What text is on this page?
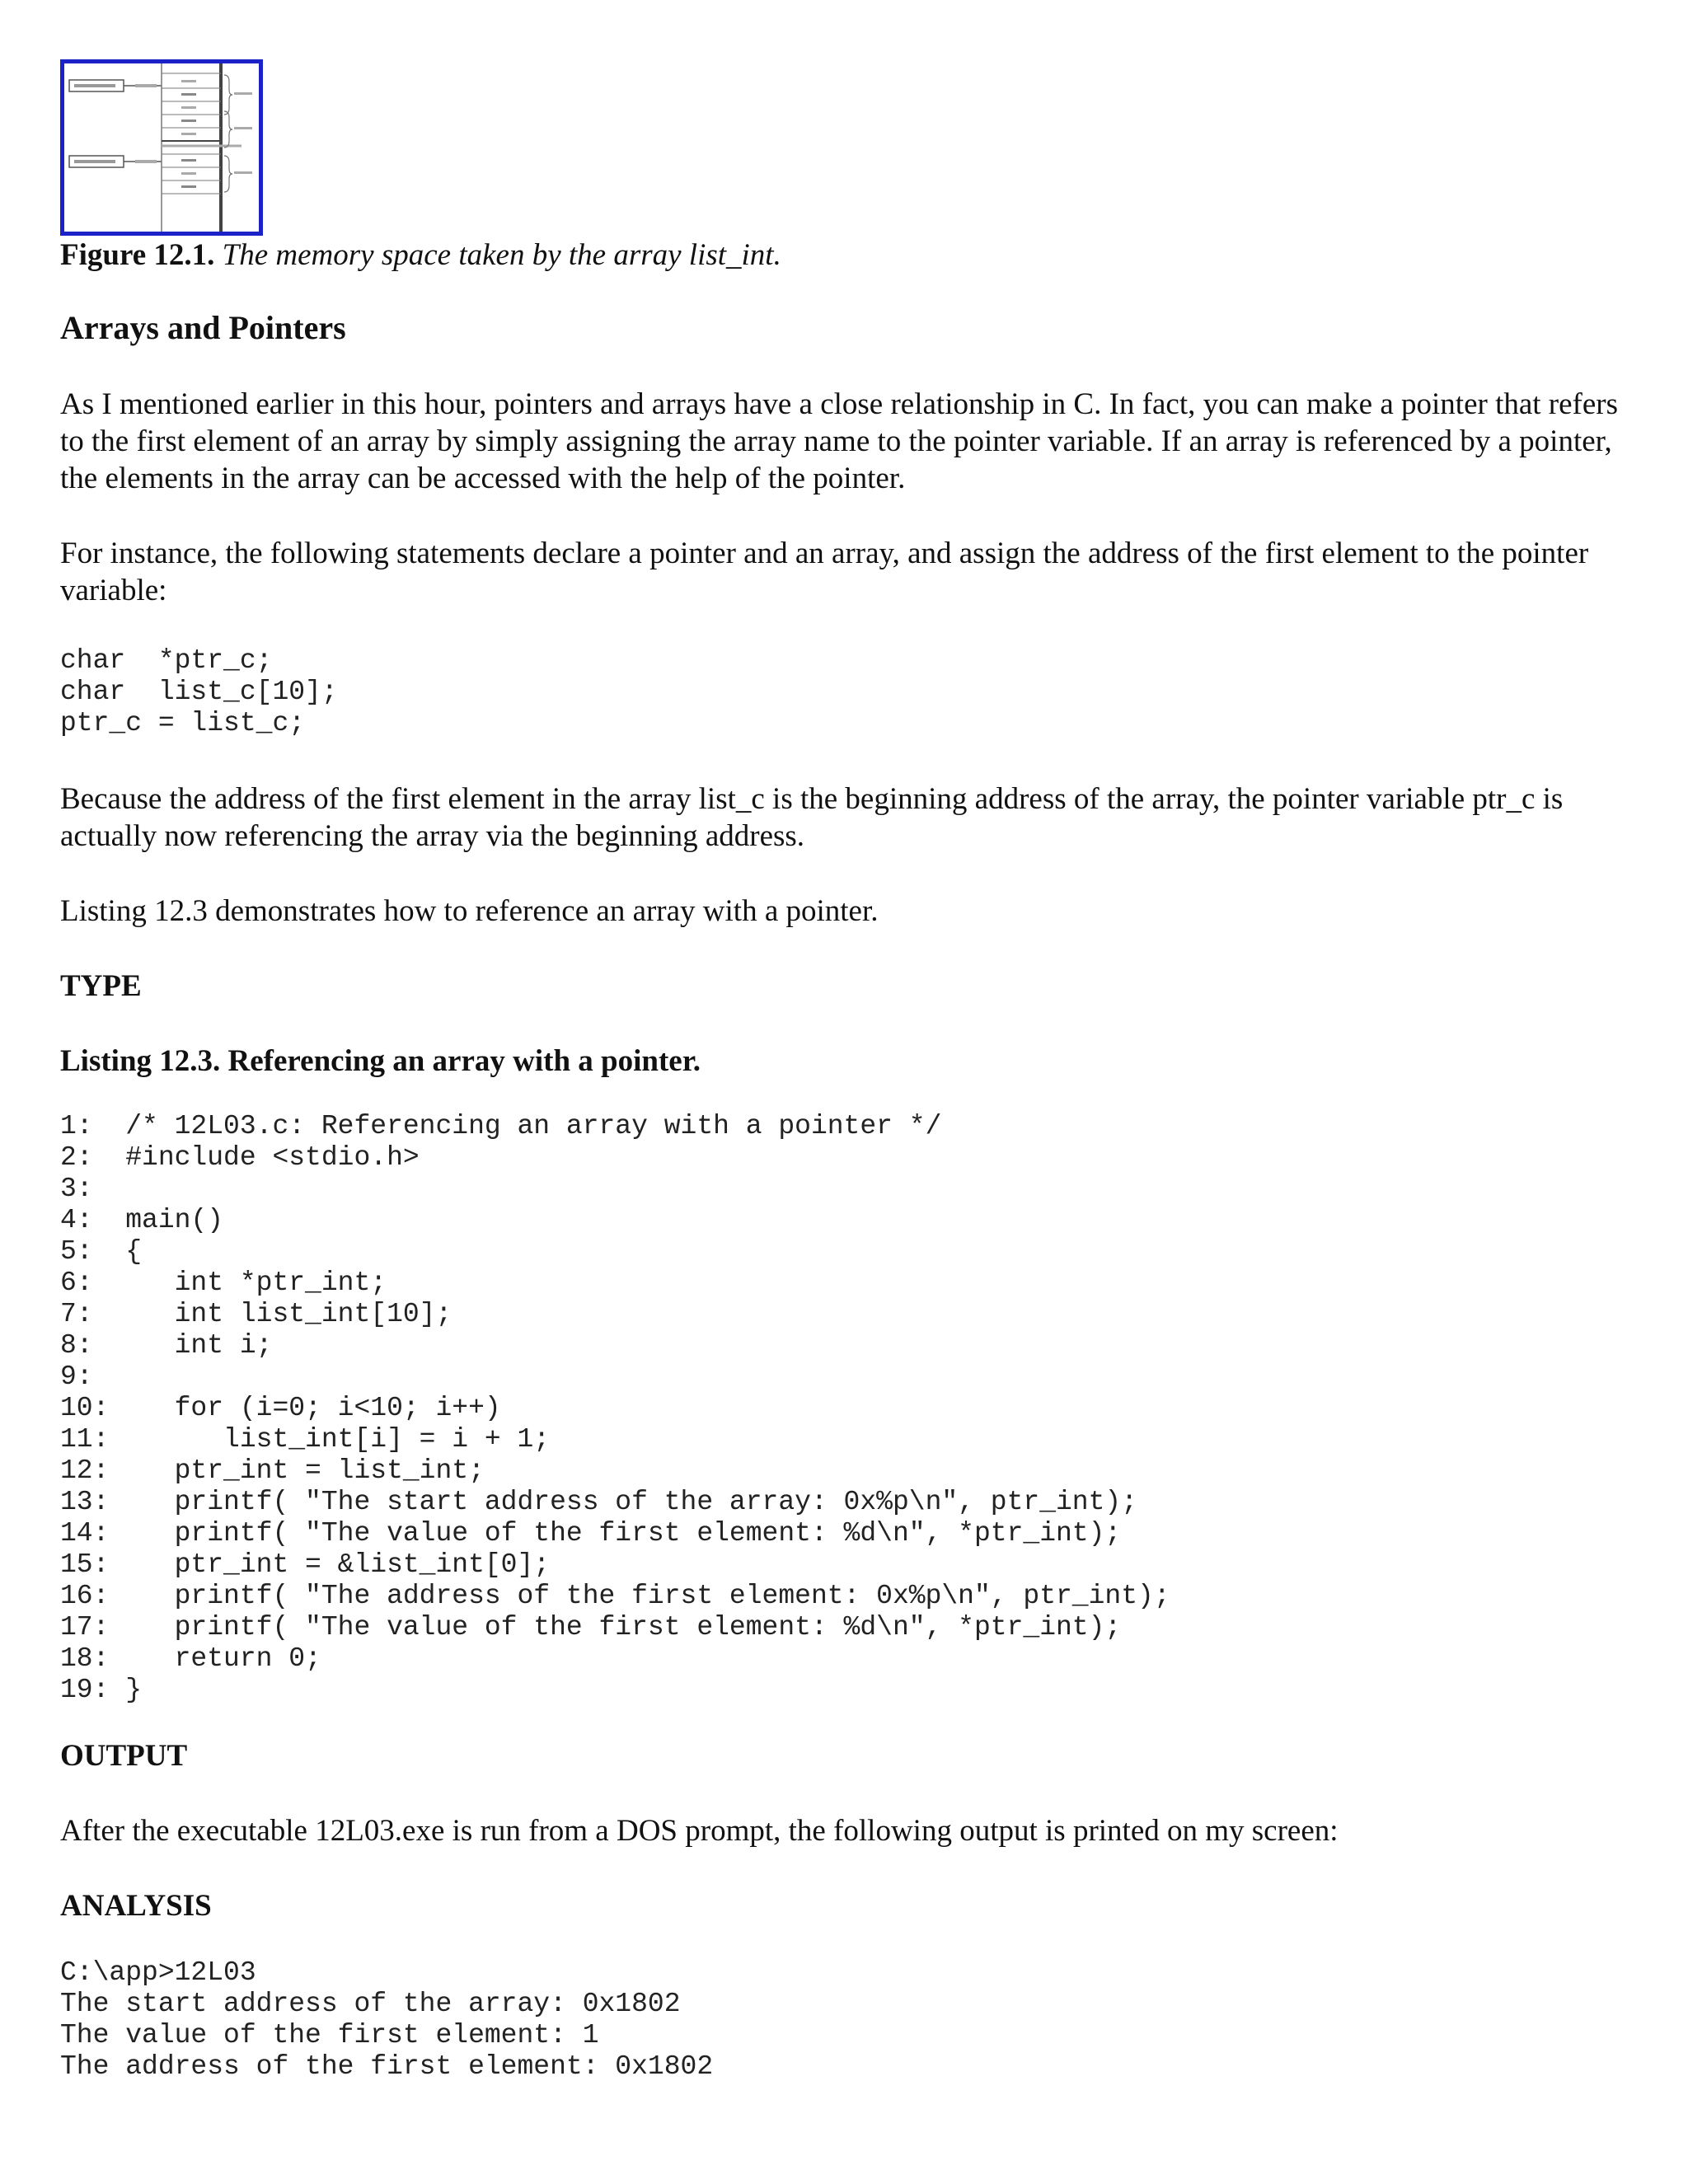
Figure 12.1. The memory space taken by the array list_int.
Arrays and Pointers

As I mentioned earlier in this hour, pointers and arrays have a close relationship in C. In fact, you can make a pointer that refers to the first element of an array by simply assigning the array name to the pointer variable. If an array is referenced by a pointer, the elements in the array can be accessed with the help of the pointer.

For instance, the following statements declare a pointer and an array, and assign the address of the first element to the pointer variable:

char  *ptr_c;
char  list_c[10];
ptr_c = list_c;

Because the address of the first element in the array list_c is the beginning address of the array, the pointer variable ptr_c is actually now referencing the array via the beginning address.

Listing 12.3 demonstrates how to reference an array with a pointer.

TYPE

Listing 12.3. Referencing an array with a pointer.

1:  /* 12L03.c: Referencing an array with a pointer */
2:  #include <stdio.h>
3:
4:  main()
5:  {
6:     int *ptr_int;
7:     int list_int[10];
8:     int i;
9:
10:    for (i=0; i<10; i++)
11:       list_int[i] = i + 1;
12:    ptr_int = list_int;
13:    printf( "The start address of the array: 0x%p\n", ptr_int);
14:    printf( "The value of the first element: %d\n", *ptr_int);
15:    ptr_int = &list_int[0];
16:    printf( "The address of the first element: 0x%p\n", ptr_int);
17:    printf( "The value of the first element: %d\n", *ptr_int);
18:    return 0;
19: }

OUTPUT

After the executable 12L03.exe is run from a DOS prompt, the following output is printed on my screen:

ANALYSIS

C:\app>12L03
The start address of the array: 0x1802
The value of the first element: 1
The address of the first element: 0x1802
